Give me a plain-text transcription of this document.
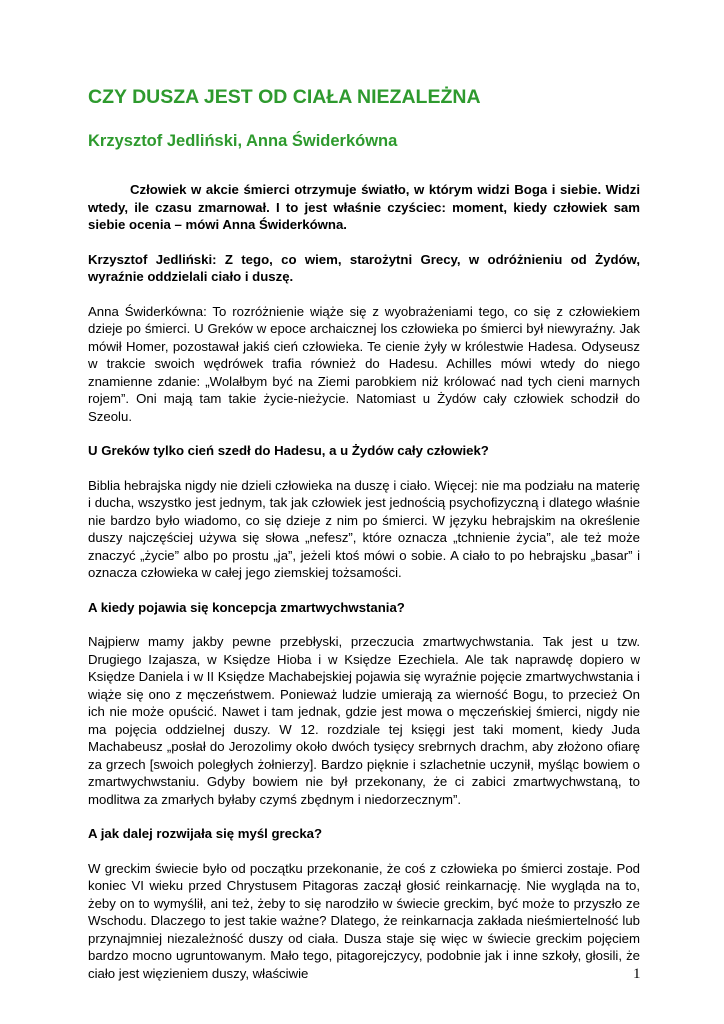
CZY DUSZA JEST OD CIAŁA NIEZALEŻNA
Krzysztof Jedliński, Anna Świderkówna

Człowiek w akcie śmierci otrzymuje światło, w którym widzi Boga i siebie. Widzi wtedy, ile czasu zmarnował. I to jest właśnie czyściec: moment, kiedy człowiek sam siebie ocenia – mówi Anna Świderkówna.

Krzysztof Jedliński: Z tego, co wiem, starożytni Grecy, w odróżnieniu od Żydów, wyraźnie oddzielali ciało i duszę.

Anna Świderkówna: To rozróżnienie wiąże się z wyobrażeniami tego, co się z człowiekiem dzieje po śmierci. U Greków w epoce archaicznej los człowieka po śmierci był niewyraźny. Jak mówił Homer, pozostawał jakiś cień człowieka. Te cienie żyły w królestwie Hadesa. Odyseusz w trakcie swoich wędrówek trafia również do Hadesu. Achilles mówi wtedy do niego znamienne zdanie: „Wolałbym być na Ziemi parobkiem niż królować nad tych cieni marnych rojem”. Oni mają tam takie życie-nieżycie. Natomiast u Żydów cały człowiek schodził do Szeolu.

U Greków tylko cień szedł do Hadesu, a u Żydów cały człowiek?

Biblia hebrajska nigdy nie dzieli człowieka na duszę i ciało. Więcej: nie ma podziału na materię i ducha, wszystko jest jednym, tak jak człowiek jest jednością psychofizyczną i dlatego właśnie nie bardzo było wiadomo, co się dzieje z nim po śmierci. W języku hebrajskim na określenie duszy najczęściej używa się słowa „nefesz”, które oznacza „tchnienie życia”, ale też może znaczyć „życie” albo po prostu „ja”, jeżeli ktoś mówi o sobie. A ciało to po hebrajsku „basar” i oznacza człowieka w całej jego ziemskiej tożsamości.

A kiedy pojawia się koncepcja zmartwychwstania?

Najpierw mamy jakby pewne przebłyski, przeczucia zmartwychwstania. Tak jest u tzw. Drugiego Izajasza, w Księdze Hioba i w Księdze Ezechiela. Ale tak naprawdę dopiero w Księdze Daniela i w II Księdze Machabejskiej pojawia się wyraźnie pojęcie zmartwychwstania i wiąże się ono z męczeństwem. Ponieważ ludzie umierają za wierność Bogu, to przecież On ich nie może opuścić. Nawet i tam jednak, gdzie jest mowa o męczeńskiej śmierci, nigdy nie ma pojęcia oddzielnej duszy. W 12. rozdziale tej księgi jest taki moment, kiedy Juda Machabeusz „posłał do Jerozolimy około dwóch tysięcy srebrnych drachm, aby złożono ofiarę za grzech [swoich poległych żołnierzy]. Bardzo pięknie i szlachetnie uczynił, myśląc bowiem o zmartwychwstaniu. Gdyby bowiem nie był przekonany, że ci zabici zmartwychwstaną, to modlitwa za zmarłych byłaby czymś zbędnym i niedorzecznym”.

A jak dalej rozwijała się myśl grecka?

W greckim świecie było od początku przekonanie, że coś z człowieka po śmierci zostaje. Pod koniec VI wieku przed Chrystusem Pitagoras zaczął głosić reinkarnację. Nie wygląda na to, żeby on to wymyślił, ani też, żeby to się narodziło w świecie greckim, być może to przyszło ze Wschodu. Dlaczego to jest takie ważne? Dlatego, że reinkarnacja zakłada nieśmiertelność lub przynajmniej niezależność duszy od ciała. Dusza staje się więc w świecie greckim pojęciem bardzo mocno ugruntowanym. Mało tego, pitagorejczycy, podobnie jak i inne szkoły, głosili, że ciało jest więzieniem duszy, właściwie	1
